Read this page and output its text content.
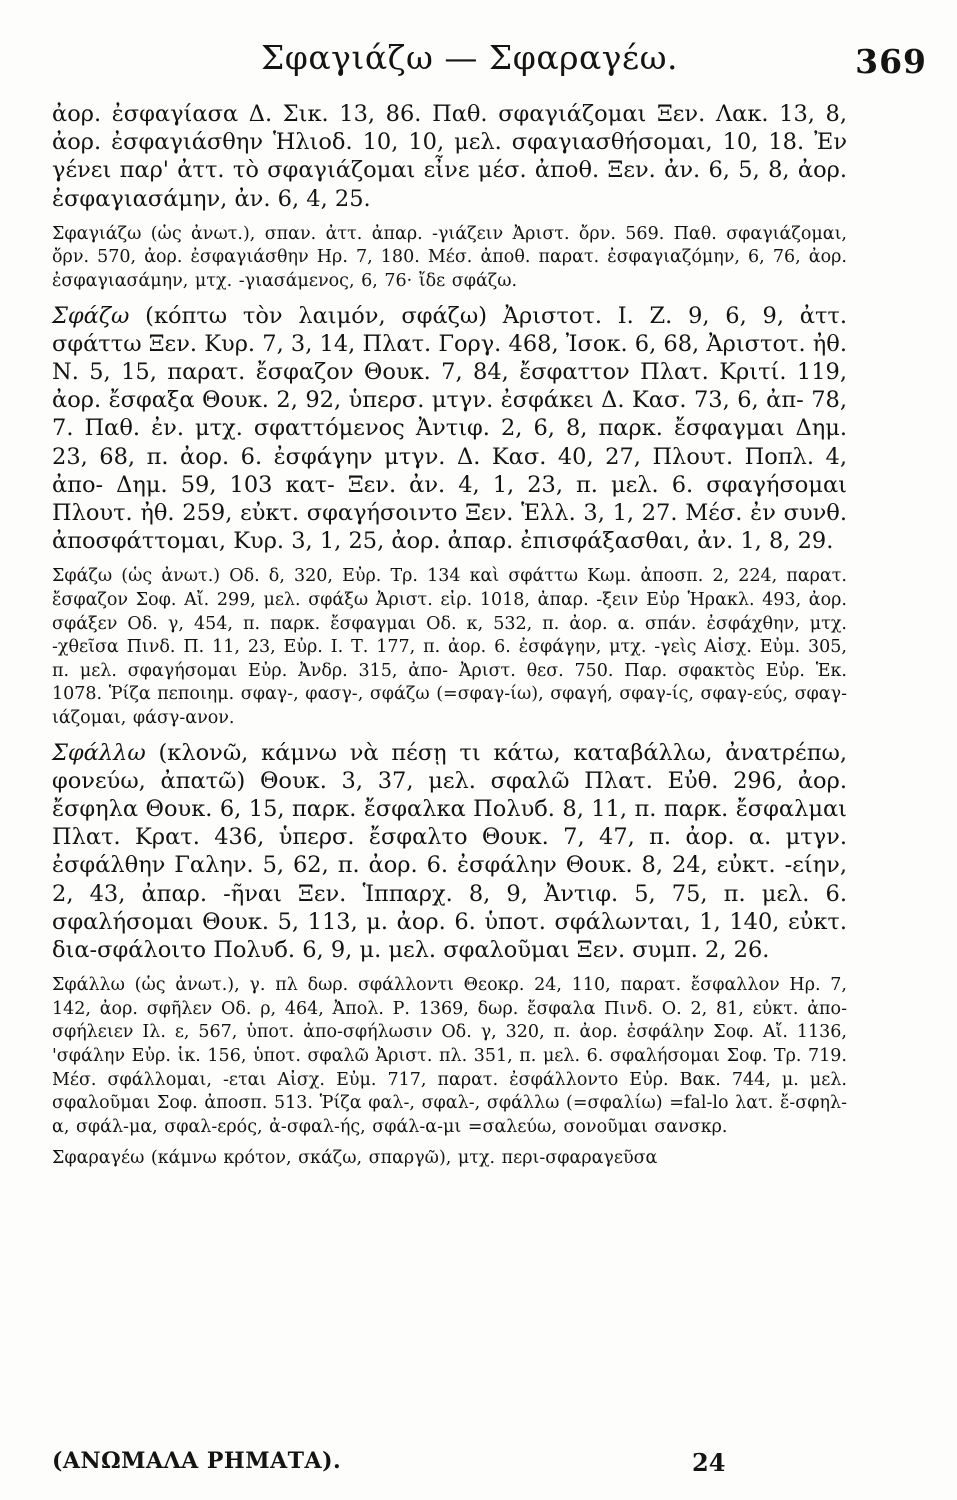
Σφαγιάζω — Σφαραγέω.	369

ἀορ. ἐσφαγίασα Δ. Σικ. 13, 86. Παθ. σφαγιάζομαι Ξεν. Λακ. 13, 8, ἀορ. ἐσφαγιάσθην Ἡλιοδ. 10, 10, μελ. σφαγιασθήσομαι, 10, 18. Ἐν γένει παρ' ἀττ. τὸ σφαγιάζομαι εἶνε μέσ. ἀποθ. Ξεν. ἀν. 6, 5, 8, ἀορ. ἐσφαγιασάμην, ἀν. 6, 4, 25.

Σφαγιάζω (ὡς ἀνωτ.), σπαν. ἀττ. ἀπαρ. -γιάζειν Ἀριστ. ὄρν. 569. Παθ. σφαγιάζομαι, ὄρν. 570, ἀορ. ἐσφαγιάσθην Ηρ. 7, 180. Μέσ. ἀποθ. παρατ. ἐσφαγιαζόμην, 6, 76, ἀορ. ἐσφαγιασάμην, μτχ. -γιασάμενος, 6, 76· ἴδε σφάζω.

Σφάζω (κόπτω τὸν λαιμόν, σφάζω) Ἀριστοτ. Ι. Ζ. 9, 6, 9, ἀττ. σφάττω Ξεν. Κυρ. 7, 3, 14, Πλατ. Γοργ. 468, Ἰσοκ. 6, 68, Ἀριστοτ. ἠθ. Ν. 5, 15, παρατ. ἔσφαζον Θουκ. 7, 84, ἔσφαττον Πλατ. Κριτί. 119, ἀορ. ἔσφαξα Θουκ. 2, 92, ὑπερσ. μτγν. ἐσφάκει Δ. Κασ. 73, 6, ἀπ- 78, 7. Παθ. ἐν. μτχ. σφαττόμενος Ἀντιφ. 2, 6, 8, παρκ. ἔσφαγμαι Δημ. 23, 68, π. ἀορ. 6. ἐσφάγην μτγν. Δ. Κασ. 40, 27, Πλουτ. Ποπλ. 4, ἀπο- Δημ. 59, 103 κατ- Ξεν. ἀν. 4, 1, 23, π. μελ. 6. σφαγήσομαι Πλουτ. ἠθ. 259, εὐκτ. σφαγήσοιντο Ξεν. Ἑλλ. 3, 1, 27. Μέσ. ἐν συνθ. ἀποσφάττομαι, Κυρ. 3, 1, 25, ἀορ. ἀπαρ. ἐπισφάξασθαι, ἀν. 1, 8, 29.

Σφάζω (ὡς ἀνωτ.) Οδ. δ, 320, Εὐρ. Τρ. 134 καὶ σφάττω Κωμ. ἀποσπ. 2, 224, παρατ. ἔσφαζον Σοφ. Αἴ. 299, μελ. σφάξω Ἀριστ. εἰρ. 1018, ἀπαρ. -ξειν Εὐρ Ἡρακλ. 493, ἀορ. σφάξεν Οδ. γ, 454, π. παρκ. ἔσφαγμαι Οδ. κ, 532, π. ἀορ. α. σπάν. ἐσφάχθην, μτχ. -χθεῖσα Πινδ. Π. 11, 23, Εὐρ. Ι. Τ. 177, π. ἀορ. 6. ἐσφάγην, μτχ. -γεὶς Αἰσχ. Εὐμ. 305, π. μελ. σφαγήσομαι Εὐρ. Ἀνδρ. 315, ἀπο- Ἀριστ. θεσ. 750. Παρ. σφακτὸς Εὐρ. Ἑκ. 1078. Ῥίζα πεποιημ. σφαγ-, φασγ-, σφάζω (=σφαγ-ίω), σφαγή, σφαγ-ίς, σφαγ-εύς, σφαγ-ιάζομαι, φάσγ-ανον.

Σφάλλω (κλονῶ, κάμνω νὰ πέσῃ τι κάτω, καταβάλλω, ἀνατρέπω, φονεύω, ἀπατῶ) Θουκ. 3, 37, μελ. σφαλῶ Πλατ. Εὐθ. 296, ἀορ. ἔσφηλα Θουκ. 6, 15, παρκ. ἔσφαλκα Πολυб. 8, 11, π. παρκ. ἔσφαλμαι Πλατ. Κρατ. 436, ὑπερσ. ἔσφαλτο Θουκ. 7, 47, π. ἀορ. α. μτγν. ἐσφάλθην Γαλην. 5, 62, π. ἀορ. 6. ἐσφάλην Θουκ. 8, 24, εὐκτ. -είην, 2, 43, ἀπαρ. -ῆναι Ξεν. Ἱππαρχ. 8, 9, Ἀντιφ. 5, 75, π. μελ. 6. σφαλήσομαι Θουκ. 5, 113, μ. ἀορ. 6. ὑποτ. σφάλωνται, 1, 140, εὐκτ. δια-σφάλοιτο Πολυб. 6, 9, μ. μελ. σφαλοῦμαι Ξεν. συμπ. 2, 26.

Σφάλλω (ὡς ἀνωτ.), γ. πλ δωρ. σφάλλοντι Θεοκρ. 24, 110, παρατ. ἔσφαλλον Ηρ. 7, 142, ἀορ. σφῆλεν Οδ. ρ, 464, Ἀπολ. Ρ. 1369, δωρ. ἔσφαλα Πινδ. Ο. 2, 81, εὐκτ. ἀπο-σφήλειεν Ιλ. ε, 567, ὑποτ. ἀπο-σφήλωσιν Οδ. γ, 320, π. ἀορ. ἐσφάλην Σοφ. Αἴ. 1136, 'σφάλην Εὐρ. ἱκ. 156, ὑποτ. σφαλῶ Ἀριστ. πλ. 351, π. μελ. 6. σφαλήσομαι Σοφ. Τρ. 719. Μέσ. σφάλλομαι, -εται Αἰσχ. Εὐμ. 717, παρατ. ἐσφάλλοντο Εὐρ. Βακ. 744, μ. μελ. σφαλοῦμαι Σοφ. ἀποσπ. 513. Ῥίζα φαλ-, σφαλ-, σφάλλω (=σφαλίω) =fal-lo λατ. ἔ-σφηλ-α, σφάλ-μα, σφαλ-ερός, ἀ-σφαλ-ής, σφάλ-α-μι =σαλεύω, σονοῦμαι σανσκρ.

Σφαραγέω (κάμνω κρότον, σκάζω, σπαργῶ), μτχ. περι-σφαραγεῦσα

(ΑΝΩΜΑΛΑ ΡΗΜΑΤΑ).	24
